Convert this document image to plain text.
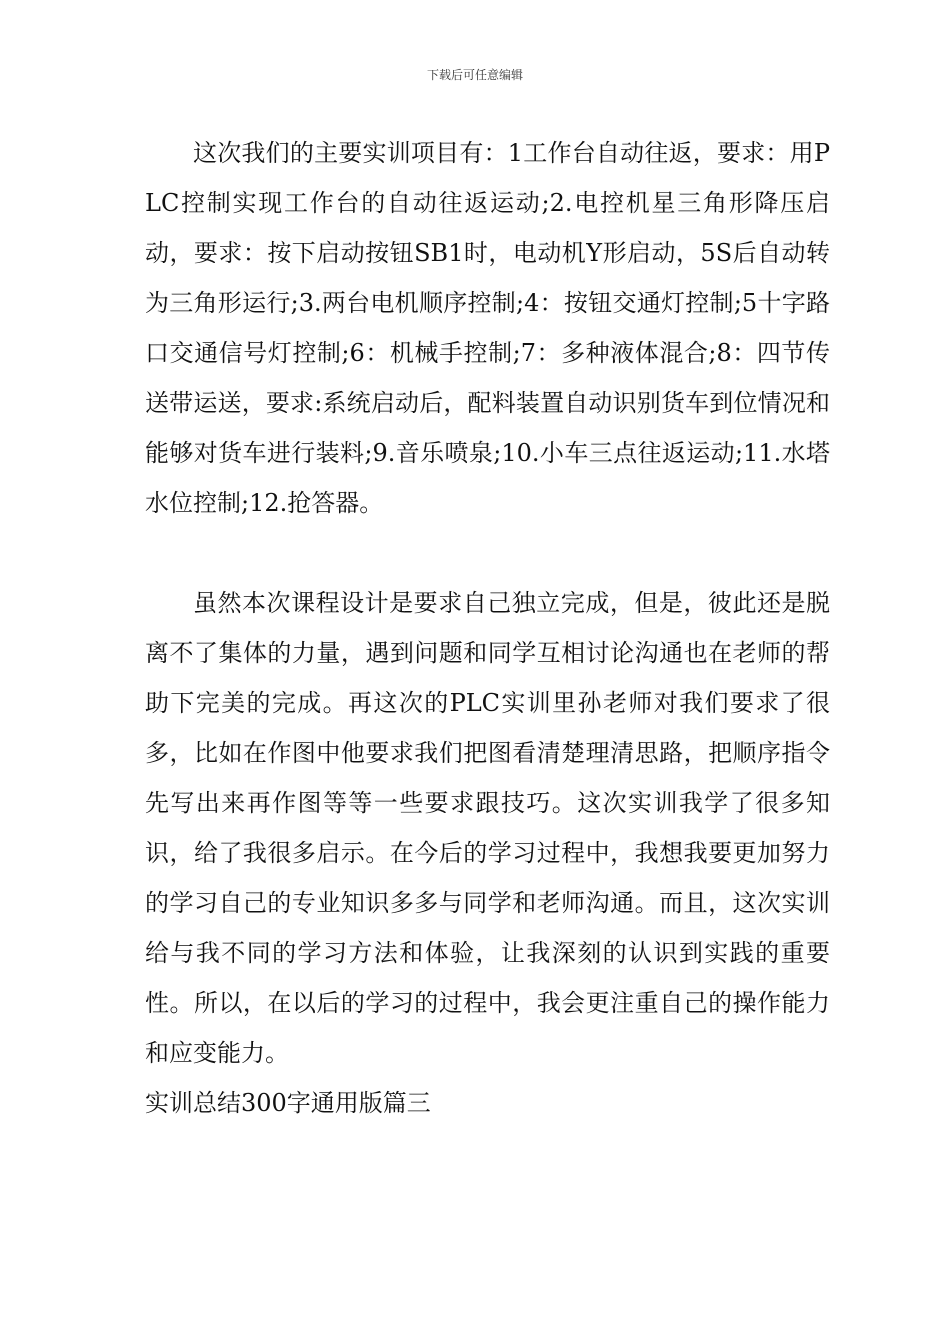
下载后可任意编辑

这次我们的主要实训项目有：1工作台自动往返，要求：用PLC控制实现工作台的自动往返运动;2.电控机星三角形降压启动，要求：按下启动按钮SB1时，电动机Y形启动，5S后自动转为三角形运行;3.两台电机顺序控制;4：按钮交通灯控制;5十字路口交通信号灯控制;6：机械手控制;7：多种液体混合;8：四节传送带运送，要求:系统启动后，配料装置自动识别货车到位情况和能够对货车进行装料;9.音乐喷泉;10.小车三点往返运动;11.水塔水位控制;12.抢答器。

虽然本次课程设计是要求自己独立完成，但是，彼此还是脱离不了集体的力量，遇到问题和同学互相讨论沟通也在老师的帮助下完美的完成。再这次的PLC实训里孙老师对我们要求了很多，比如在作图中他要求我们把图看清楚理清思路，把顺序指令先写出来再作图等等一些要求跟技巧。这次实训我学了很多知识，给了我很多启示。在今后的学习过程中，我想我要更加努力的学习自己的专业知识多多与同学和老师沟通。而且，这次实训给与我不同的学习方法和体验，让我深刻的认识到实践的重要性。所以，在以后的学习的过程中，我会更注重自己的操作能力和应变能力。

实训总结300字通用版篇三
